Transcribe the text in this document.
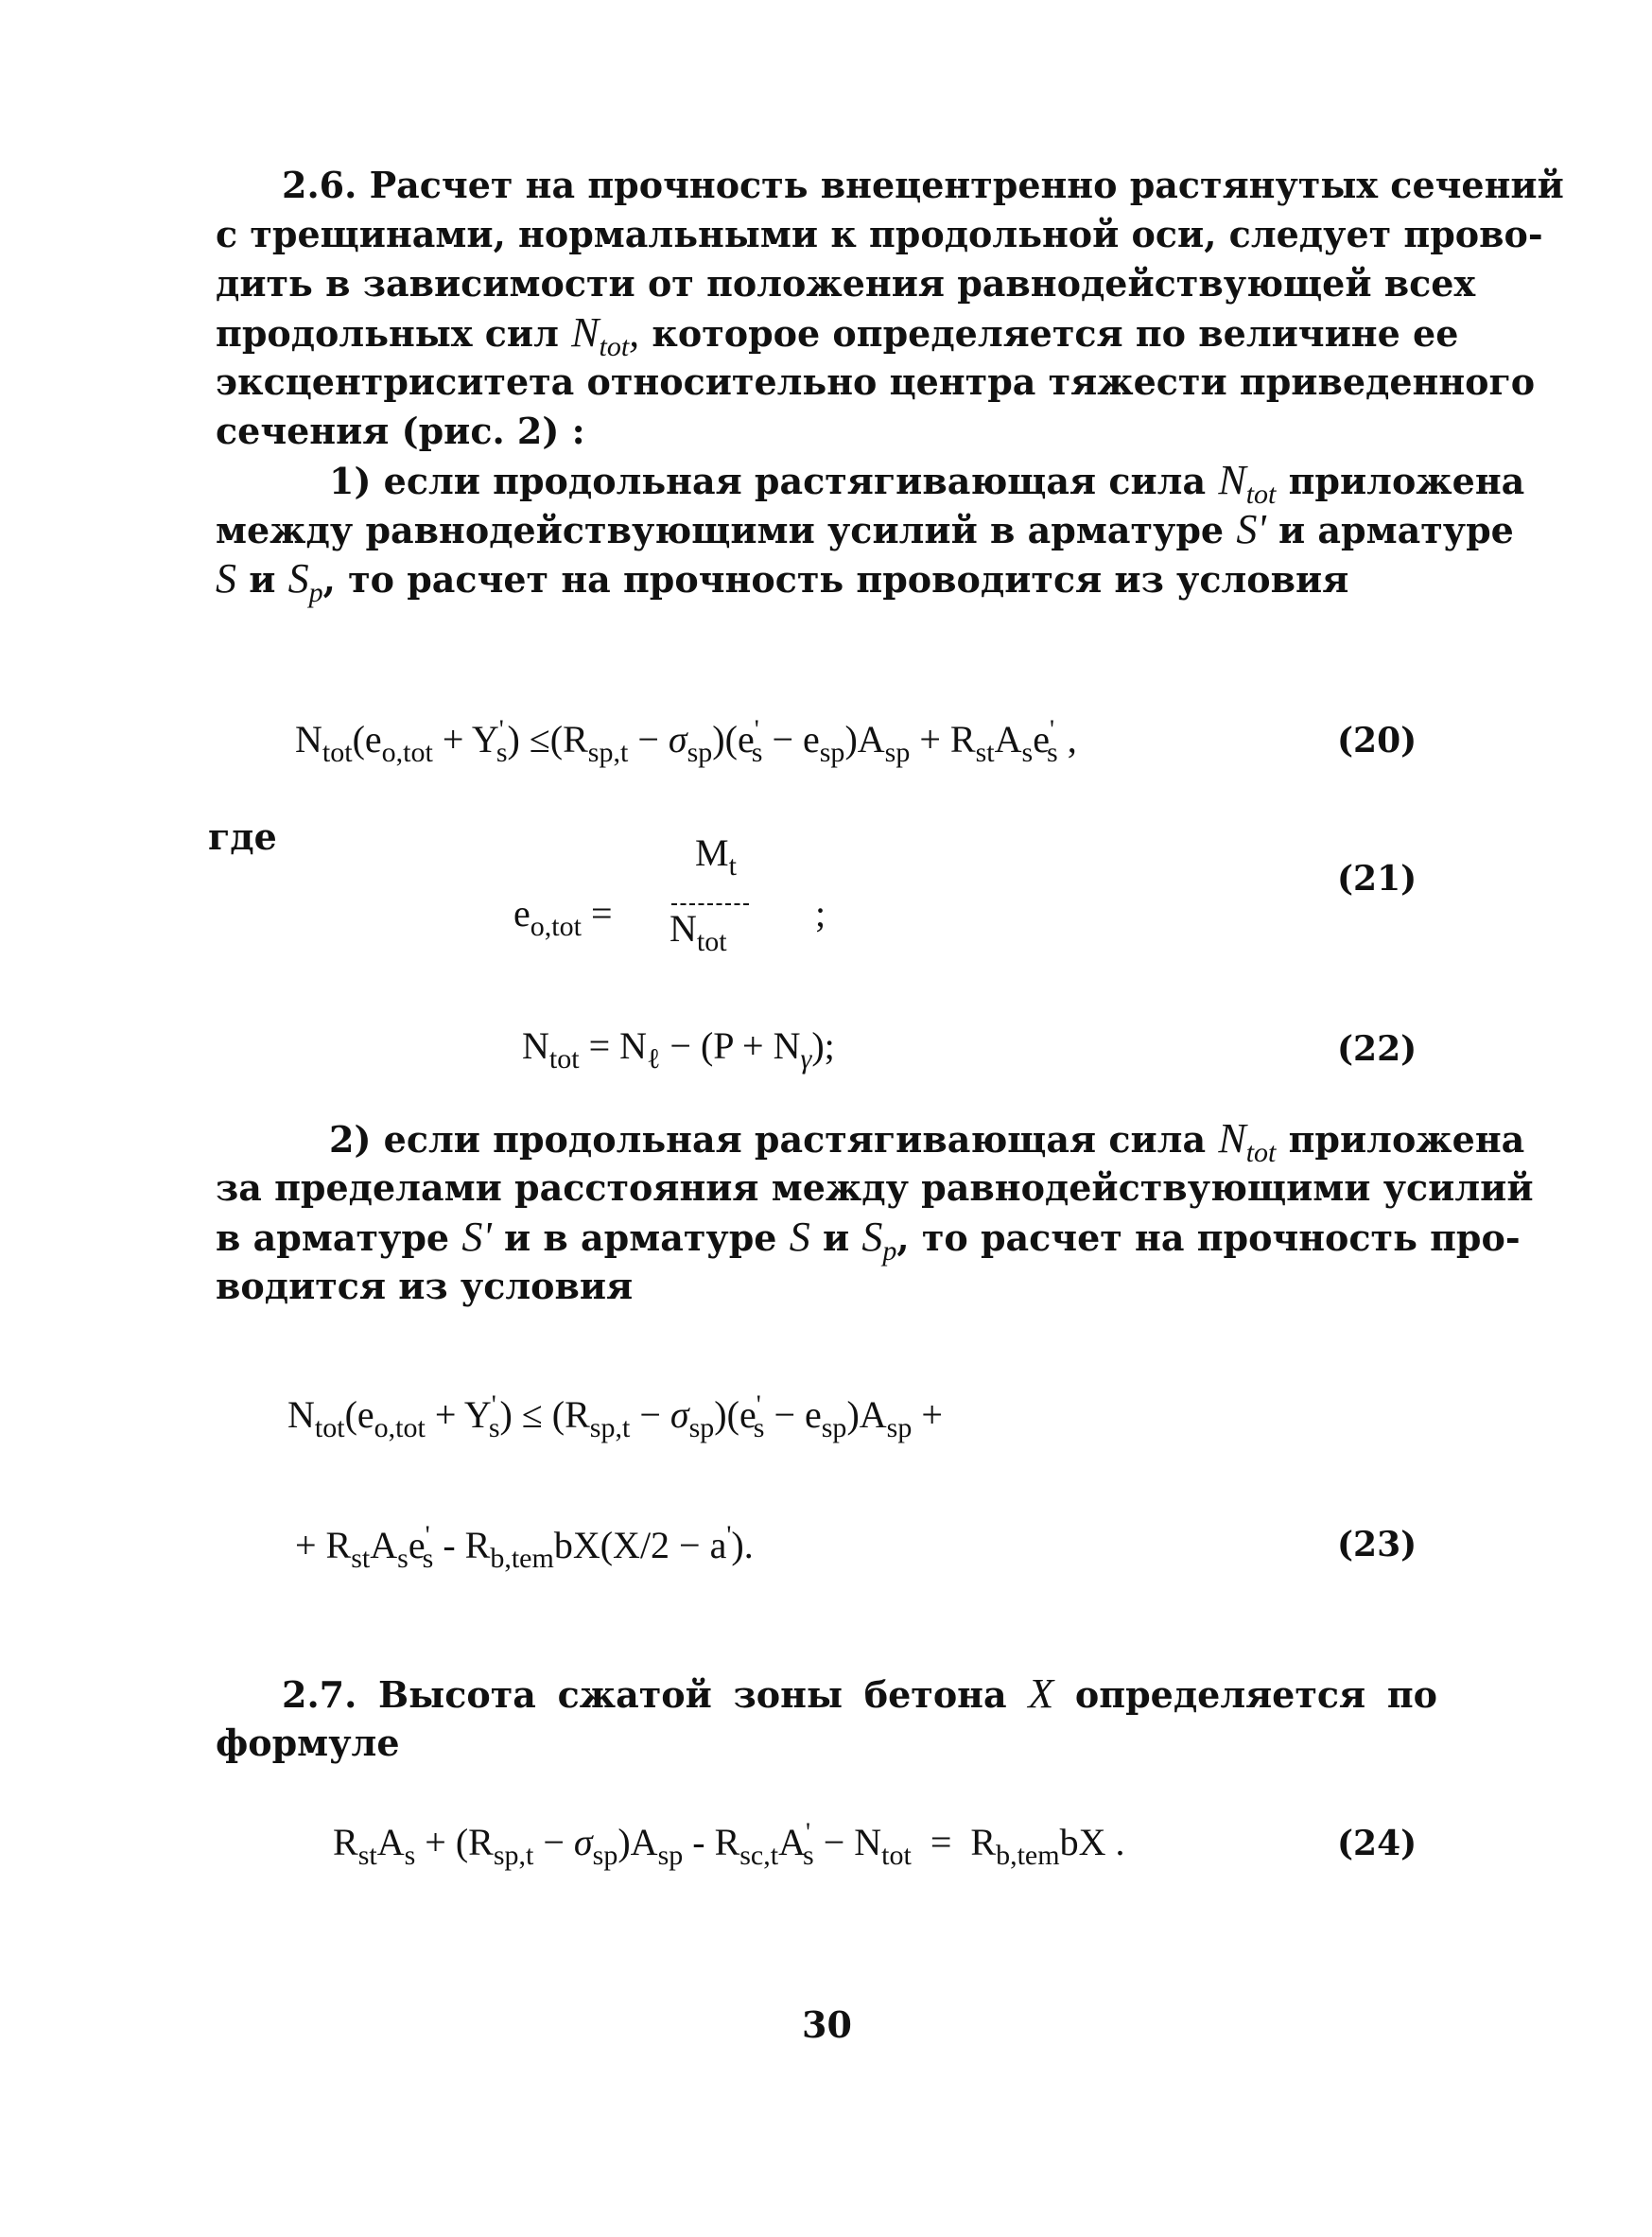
2.6. Расчет на прочность внецентренно растянутых сечений
с трещинами, нормальными к продольной оси, следует прово-
дить в зависимости от положения равнодействующей всех
продольных сил $N_{tot}$, которое определяется по величине ее
эксцентриситета относительно центра тяжести приведенного
сечения (рис. 2) :
1) если продольная растягивающая сила $N_{tot}$ приложена
между равнодействующими усилий в арматуре S' и арматуре
S и $S_p$, то расчет на прочность проводится из условия
$N_{tot}(e_{o,tot} + Y'_s) \le(R_{sp,t} - \sigma_{sp})(e'_s - e_{sp})A_{sp} + R_{st}A_se'_s$ ,	(20)
где	$M_t$
$e_{o,tot}$ =	;
$N_{tot}$
(21)
$N_{tot} = N_\ell - (P + N_\gamma)$;	(22)
2) если продольная растягивающая сила $N_{tot}$ приложена
за пределами расстояния между равнодействующими усилий
в арматуре S' и в арматуре S и $S_p$, то расчет на прочность про-
водится из условия
$N_{tot}(e_{o,tot} + Y'_s) \le (R_{sp,t} - \sigma_{sp})(e'_s - e_{sp})A_{sp}$ +
+ $R_{st}A_se'_s - R_{b,tem}bX(X/2 - a')$.	(23)
2.7. Высота сжатой зоны бетона X определяется по
формуле
$R_{st}A_s + (R_{sp,t} - \sigma_{sp})A_{sp} - R_{sc,t}A'_s - N_{tot} = R_{b,tem}bX$ .	(24)
30
